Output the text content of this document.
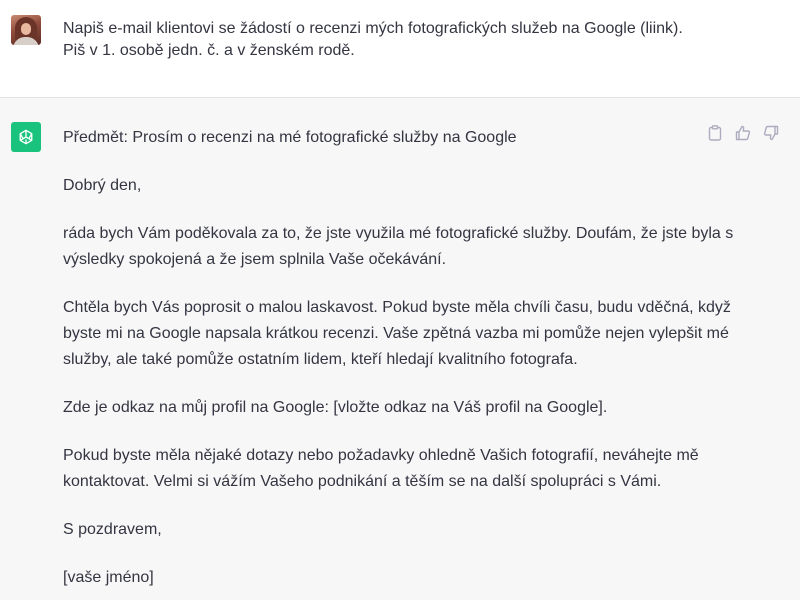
Napiš e-mail klientovi se žádostí o recenzi mých fotografických služeb na Google (liink).
Piš v 1. osobě jedn. č. a v ženském rodě.

Předmět: Prosím o recenzi na mé fotografické služby na Google

Dobrý den,

ráda bych Vám poděkovala za to, že jste využila mé fotografické služby. Doufám, že jste byla s výsledky spokojená a že jsem splnila Vaše očekávání.

Chtěla bych Vás poprosit o malou laskavost. Pokud byste měla chvíli času, budu vděčná, když byste mi na Google napsala krátkou recenzi. Vaše zpětná vazba mi pomůže nejen vylepšit mé služby, ale také pomůže ostatním lidem, kteří hledají kvalitního fotografa.

Zde je odkaz na můj profil na Google: [vložte odkaz na Váš profil na Google].

Pokud byste měla nějaké dotazy nebo požadavky ohledně Vašich fotografií, neváhejte mě kontaktovat. Velmi si vážím Vašeho podnikání a těším se na další spolupráci s Vámi.

S pozdravem,

[vaše jméno]
